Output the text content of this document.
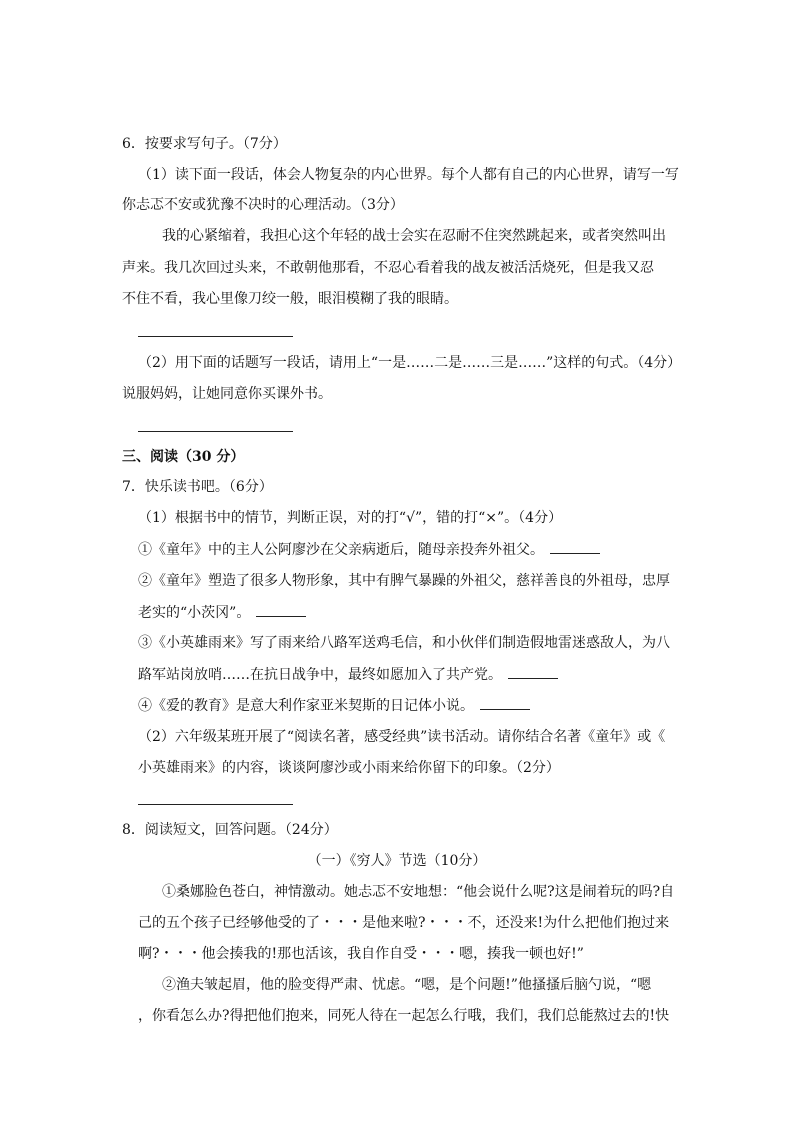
6．按要求写句子。（7分）
（1）读下面一段话，体会人物复杂的内心世界。每个人都有自己的内心世界，请写一写
你忐忑不安或犹豫不决时的心理活动。（3分）
我的心紧缩着，我担心这个年轻的战士会实在忍耐不住突然跳起来，或者突然叫出
声来。我几次回过头来，不敢朝他那看，不忍心看着我的战友被活活烧死，但是我又忍
不住不看，我心里像刀绞一般，眼泪模糊了我的眼睛。
（2）用下面的话题写一段话，请用上“一是……二是……三是……”这样的句式。（4分）
说服妈妈，让她同意你买课外书。
三、阅读（30 分）
7．快乐读书吧。（6分）
（1）根据书中的情节，判断正误，对的打“√”，错的打“×”。（4分）
①《童年》中的主人公阿廖沙在父亲病逝后，随母亲投奔外祖父。
②《童年》塑造了很多人物形象，其中有脾气暴躁的外祖父，慈祥善良的外祖母，忠厚
老实的“小茨冈”。
③《小英雄雨来》写了雨来给八路军送鸡毛信，和小伙伴们制造假地雷迷惑敌人，为八
路军站岗放哨……在抗日战争中，最终如愿加入了共产党。
④《爱的教育》是意大利作家亚米契斯的日记体小说。
（2）六年级某班开展了“阅读名著，感受经典”读书活动。请你结合名著《童年》或《
小英雄雨来》的内容，谈谈阿廖沙或小雨来给你留下的印象。（2分）
8．阅读短文，回答问题。（24分）
（一）《穷人》节选（10分）
①桑娜脸色苍白，神情激动。她忐忑不安地想：“他会说什么呢?这是闹着玩的吗?自
己的五个孩子已经够他受的了・・・是他来啦?・・・不，还没来!为什么把他们抱过来
啊?・・・他会揍我的!那也活该，我自作自受・・・嗯，揍我一顿也好!”
②渔夫皱起眉，他的脸变得严肃、忧虑。“嗯，是个问题!”他搔搔后脑勺说，“嗯
，你看怎么办?得把他们抱来，同死人待在一起怎么行哦，我们，我们总能熬过去的!快
